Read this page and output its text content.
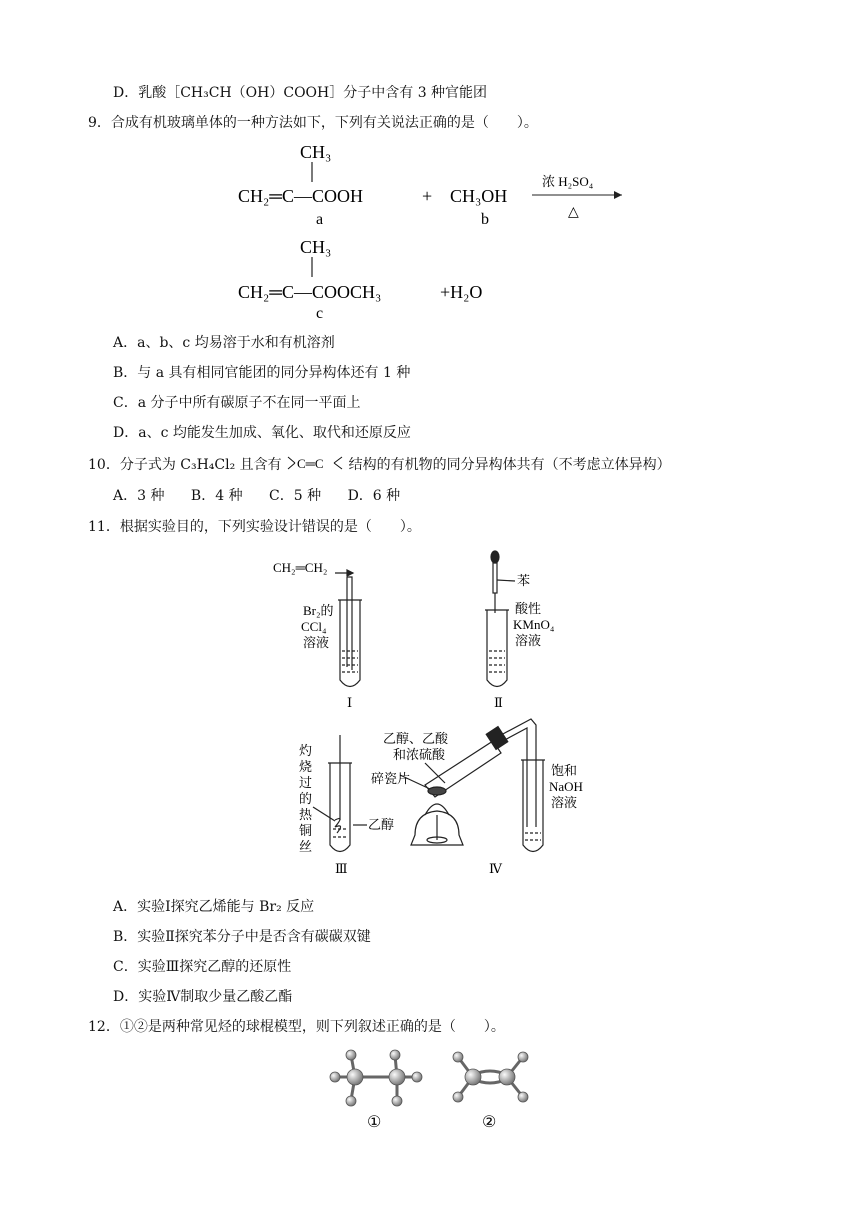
D．乳酸［CH₃CH（OH）COOH］分子中含有 3 种官能团
9．合成有机玻璃单体的一种方法如下，下列有关说法正确的是（　　）。
CH₃
CH₂═C—COOH
a
+ CH₃OH
b
浓 H₂SO₄
△
CH₃
CH₂═C—COOCH₃
c
+H₂O
A．a、b、c 均易溶于水和有机溶剂
B．与 a 具有相同官能团的同分异构体还有 1 种
C．a 分子中所有碳原子不在同一平面上
D．a、c 均能发生加成、氧化、取代和还原反应
10．分子式为 C₃H₄Cl₂ 且含有 C═C 结构的有机物的同分异构体共有（不考虑立体异构）
A．3 种 B．4 种 C．5 种 D．6 种
11．根据实验目的，下列实验设计错误的是（　　）。
CH₂═CH₂
Br₂的
CCl₄
溶液
Ⅰ
苯
酸性
KMnO₄
溶液
Ⅱ
灼
烧
过
的
热
铜
丝
乙醇
Ⅲ
乙醇、乙酸
和浓硫酸
碎瓷片
饱和
NaOH
溶液
Ⅳ
A．实验Ⅰ探究乙烯能与 Br₂ 反应
B．实验Ⅱ探究苯分子中是否含有碳碳双键
C．实验Ⅲ探究乙醇的还原性
D．实验Ⅳ制取少量乙酸乙酯
12．①②是两种常见烃的球棍模型，则下列叙述正确的是（　　）。
①	②
